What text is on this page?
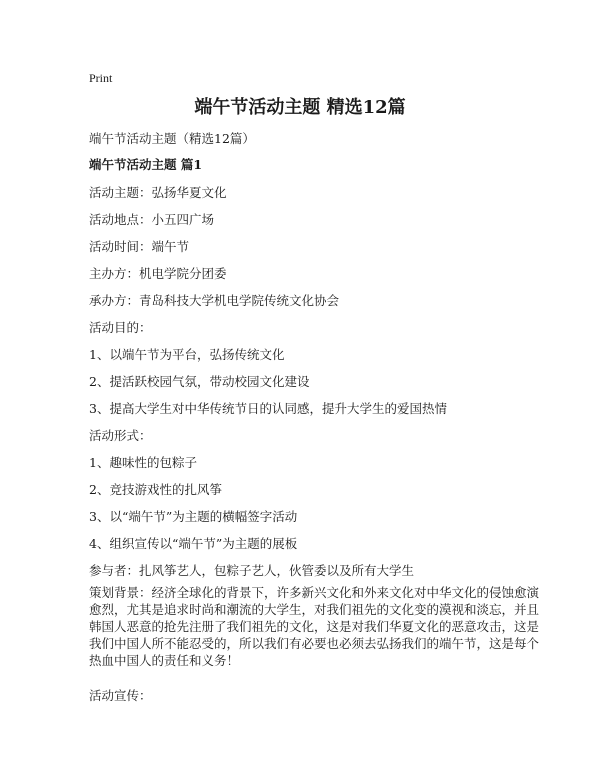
Print
端午节活动主题 精选12篇
端午节活动主题（精选12篇）
端午节活动主题 篇1
活动主题：弘扬华夏文化
活动地点：小五四广场
活动时间：端午节
主办方：机电学院分团委
承办方：青岛科技大学机电学院传统文化协会
活动目的：
1、以端午节为平台，弘扬传统文化
2、提活跃校园气氛，带动校园文化建设
3、提高大学生对中华传统节日的认同感，提升大学生的爱国热情
活动形式：
1、趣味性的包粽子
2、竞技游戏性的扎风筝
3、以“端午节”为主题的横幅签字活动
4、组织宣传以“端午节”为主题的展板
参与者：扎风筝艺人，包粽子艺人，伙管委以及所有大学生

策划背景：经济全球化的背景下，许多新兴文化和外来文化对中华文化的侵蚀愈演
愈烈，尤其是追求时尚和潮流的大学生，对我们祖先的文化变的漠视和淡忘，并且
韩国人恶意的抢先注册了我们祖先的文化，这是对我们华夏文化的恶意攻击，这是
我们中国人所不能忍受的，所以我们有必要也必须去弘扬我们的端午节，这是每个
热血中国人的责任和义务！

活动宣传：
